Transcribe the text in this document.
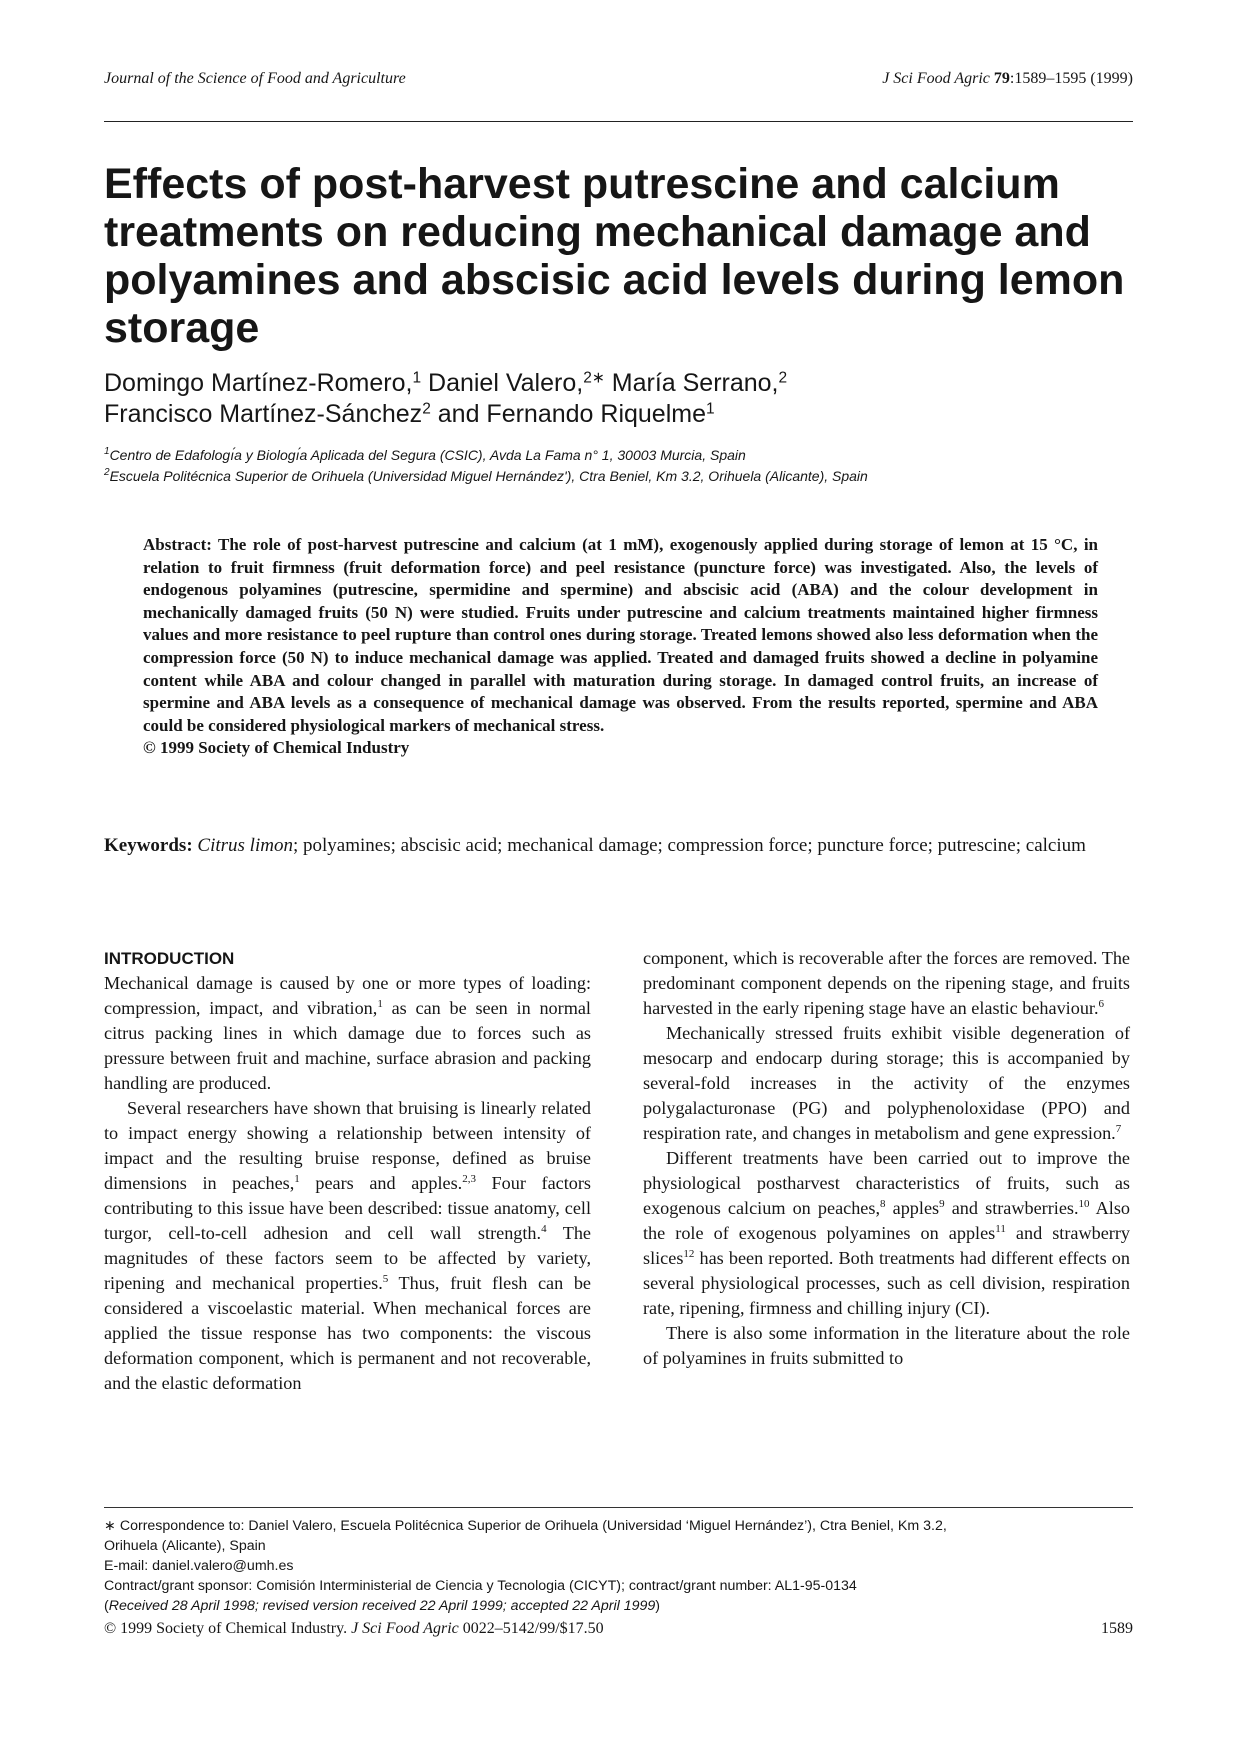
Journal of the Science of Food and Agriculture	J Sci Food Agric 79:1589–1595 (1999)
Effects of post-harvest putrescine and calcium treatments on reducing mechanical damage and polyamines and abscisic acid levels during lemon storage
Domingo Martínez-Romero,$^1$ Daniel Valero,$^{2∗}$ María Serrano,$^2$
Francisco Martínez-Sánchez$^2$ and Fernando Riquelme$^1$
$^1$Centro de Edafologı́a y Biologı́a Aplicada del Segura (CSIC), Avda La Fama n° 1, 30003 Murcia, Spain
$^2$Escuela Politécnica Superior de Orihuela (Universidad Miguel Hernández'), Ctra Beniel, Km 3.2, Orihuela (Alicante), Spain

Abstract: The role of post-harvest putrescine and calcium (at 1 mM), exogenously applied during storage of lemon at 15 °C, in relation to fruit firmness (fruit deformation force) and peel resistance (puncture force) was investigated. Also, the levels of endogenous polyamines (putrescine, spermidine and spermine) and abscisic acid (ABA) and the colour development in mechanically damaged fruits (50 N) were studied. Fruits under putrescine and calcium treatments maintained higher firmness values and more resistance to peel rupture than control ones during storage. Treated lemons showed also less deformation when the compression force (50 N) to induce mechanical damage was applied. Treated and damaged fruits showed a decline in polyamine content while ABA and colour changed in parallel with maturation during storage. In damaged control fruits, an increase of spermine and ABA levels as a consequence of mechanical damage was observed. From the results reported, spermine and ABA could be considered physiological markers of mechanical stress.

© 1999 Society of Chemical Industry
Keywords: Citrus limon; polyamines; abscisic acid; mechanical damage; compression force; puncture force; putrescine; calcium
INTRODUCTION

Mechanical damage is caused by one or more types of loading: compression, impact, and vibration,$^1$ as can be seen in normal citrus packing lines in which damage due to forces such as pressure between fruit and machine, surface abrasion and packing handling are produced.

Several researchers have shown that bruising is linearly related to impact energy showing a relationship between intensity of impact and the resulting bruise response, defined as bruise dimensions in peaches,$^1$ pears and apples.$^{2,3}$ Four factors contributing to this issue have been described: tissue anatomy, cell turgor, cell-to-cell adhesion and cell wall strength.$^4$ The magnitudes of these factors seem to be affected by variety, ripening and mechanical properties.$^5$ Thus, fruit flesh can be considered a viscoelastic material. When mechanical forces are applied the tissue response has two components: the viscous deformation component, which is permanent and not recoverable, and the elastic deformation

component, which is recoverable after the forces are removed. The predominant component depends on the ripening stage, and fruits harvested in the early ripening stage have an elastic behaviour.$^6$

Mechanically stressed fruits exhibit visible degeneration of mesocarp and endocarp during storage; this is accompanied by several-fold increases in the activity of the enzymes polygalacturonase (PG) and polyphenoloxidase (PPO) and respiration rate, and changes in metabolism and gene expression.$^7$

Different treatments have been carried out to improve the physiological postharvest characteristics of fruits, such as exogenous calcium on peaches,$^8$ apples$^9$ and strawberries.$^{10}$ Also the role of exogenous polyamines on apples$^{11}$ and strawberry slices$^{12}$ has been reported. Both treatments had different effects on several physiological processes, such as cell division, respiration rate, ripening, firmness and chilling injury (CI).

There is also some information in the literature about the role of polyamines in fruits submitted to

∗ Correspondence to: Daniel Valero, Escuela Politécnica Superior de Orihuela (Universidad ‘Miguel Hernández’), Ctra Beniel, Km 3.2,
Orihuela (Alicante), Spain
E-mail: daniel.valero@umh.es
Contract/grant sponsor: Comisión Interministerial de Ciencia y Tecnologia (CICYT); contract/grant number: AL1-95-0134
(Received 28 April 1998; revised version received 22 April 1999; accepted 22 April 1999)
© 1999 Society of Chemical Industry. J Sci Food Agric 0022–5142/99/$17.50	1589
